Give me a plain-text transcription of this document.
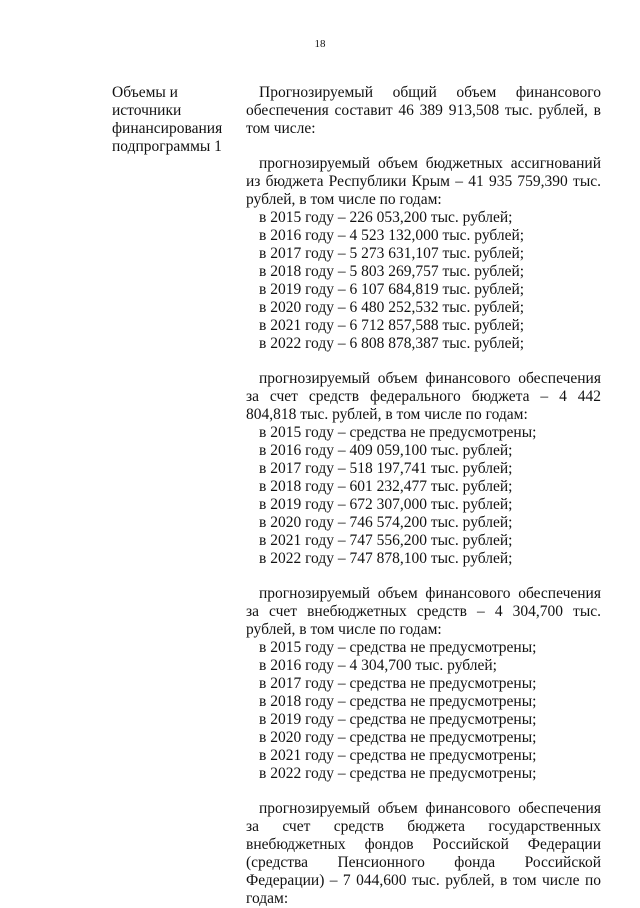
18
Объемы и
источники
финансирования
подпрограммы 1

Прогнозируемый общий объем финансового обеспечения составит 46 389 913,508 тыс. рублей, в том числе:

прогнозируемый объем бюджетных ассигнований из бюджета Республики Крым – 41 935 759,390 тыс. рублей, в том числе по годам:

в 2015 году – 226 053,200 тыс. рублей;

в 2016 году – 4 523 132,000 тыс. рублей;

в 2017 году – 5 273 631,107 тыс. рублей;

в 2018 году – 5 803 269,757 тыс. рублей;

в 2019 году – 6 107 684,819 тыс. рублей;

в 2020 году – 6 480 252,532 тыс. рублей;

в 2021 году – 6 712 857,588 тыс. рублей;

в 2022 году – 6 808 878,387 тыс. рублей;

прогнозируемый объем финансового обеспечения за счет средств федерального бюджета – 4 442 804,818 тыс. рублей, в том числе по годам:

в 2015 году – средства не предусмотрены;

в 2016 году – 409 059,100 тыс. рублей;

в 2017 году – 518 197,741 тыс. рублей;

в 2018 году – 601 232,477 тыс. рублей;

в 2019 году – 672 307,000 тыс. рублей;

в 2020 году – 746 574,200 тыс. рублей;

в 2021 году – 747 556,200 тыс. рублей;

в 2022 году – 747 878,100 тыс. рублей;

прогнозируемый объем финансового обеспечения за счет внебюджетных средств – 4 304,700 тыс. рублей, в том числе по годам:

в 2015 году – средства не предусмотрены;

в 2016 году – 4 304,700 тыс. рублей;

в 2017 году – средства не предусмотрены;

в 2018 году – средства не предусмотрены;

в 2019 году – средства не предусмотрены;

в 2020 году – средства не предусмотрены;

в 2021 году – средства не предусмотрены;

в 2022 году – средства не предусмотрены;

прогнозируемый объем финансового обеспечения за счет средств бюджета государственных внебюджетных фондов Российской Федерации (средства Пенсионного фонда Российской Федерации) – 7 044,600 тыс. рублей, в том числе по годам:
